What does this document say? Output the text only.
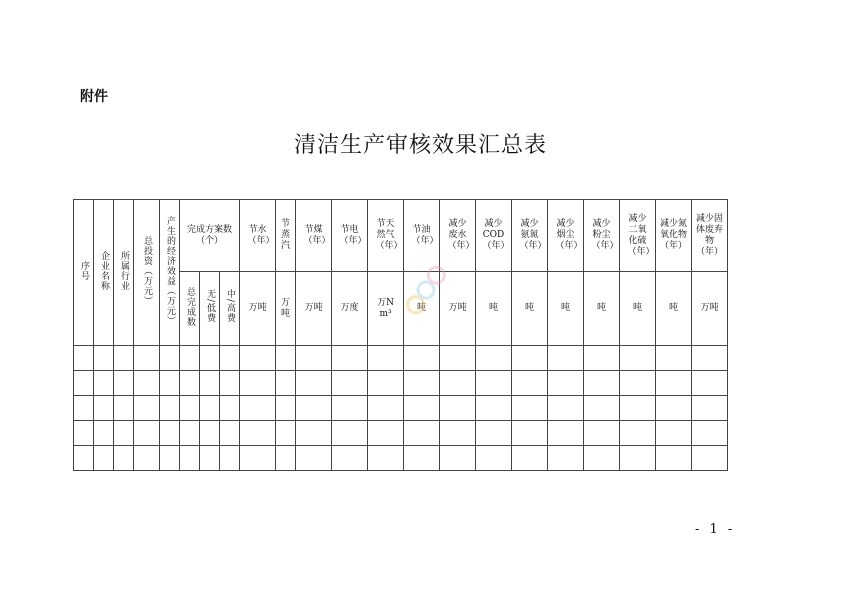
附件
清洁生产审核效果汇总表
序号	企业名称	所属行业	总投资（万元）	产生的经济效益（万元）	完成方案数（个）			节水（年）	节蒸汽	节煤（年）	节电（年）	节天然气（年）	节油（年）	减少废水（年）	减少COD（年）	减少氨氮（年）	减少烟尘（年）	减少粉尘（年）	减少二氧化硫（年）	减少氮氧化物（年）	减少固体废弃物（年）

					总完成数	无/低费	中/高费	万吨	万吨	万吨	万度	万Nm³	吨	万吨	吨	吨	吨	吨	吨	吨	万吨

- 1 -
